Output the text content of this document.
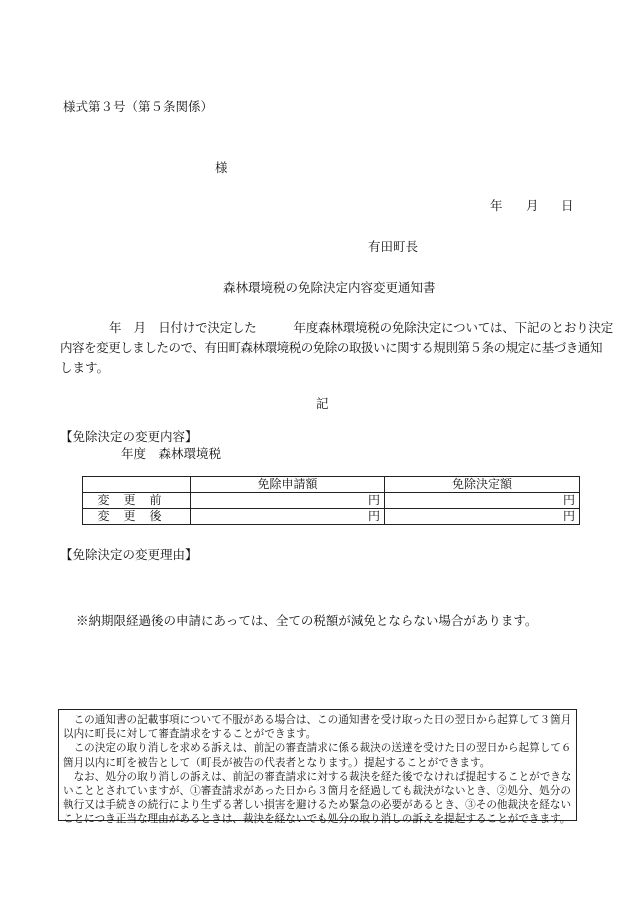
様式第３号（第５条関係）
様
年 月 日
有田町長
森林環境税の免除決定内容変更通知書
年　月　日付けで決定した　　　年度森林環境税の免除決定については、下記のとおり決定
内容を変更しましたので、有田町森林環境税の免除の取扱いに関する規則第５条の規定に基づき通知
します。
記
【免除決定の変更内容】
年度　森林環境税
	免除申請額	免除決定額
変更前	円	円
変更後	円	円
【免除決定の変更理由】
※納期限経過後の申請にあっては、全ての税額が減免とならない場合があります。

この通知書の記載事項について不服がある場合は、この通知書を受け取った日の翌日から起算して３箇月以内に町長に対して審査請求をすることができます。

この決定の取り消しを求める訴えは、前記の審査請求に係る裁決の送達を受けた日の翌日から起算して６箇月以内に町を被告として（町長が被告の代表者となります。）提起することができます。

なお、処分の取り消しの訴えは、前記の審査請求に対する裁決を経た後でなければ提起することができないこととされていますが、①審査請求があった日から３箇月を経過しても裁決がないとき、②処分、処分の執行又は手続きの続行により生ずる著しい損害を避けるため緊急の必要があるとき、③その他裁決を経ないことにつき正当な理由があるときは、裁決を経ないでも処分の取り消しの訴えを提起することができます。
